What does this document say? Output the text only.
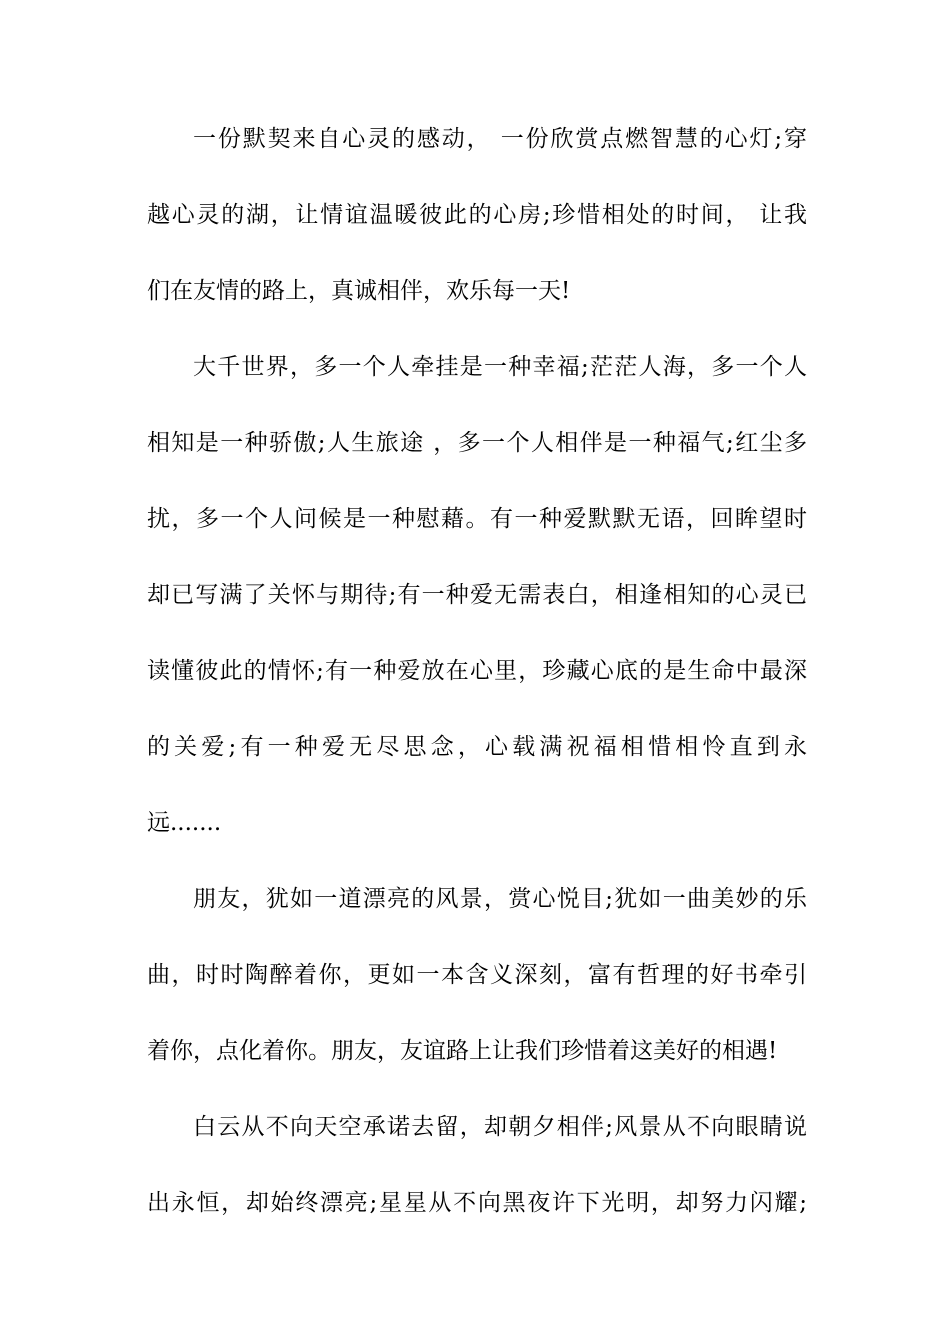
一份默契来自心灵的感动， 一份欣赏点燃智慧的心灯;穿
越心灵的湖，让情谊温暖彼此的心房;珍惜相处的时间， 让我
们在友情的路上，真诚相伴，欢乐每一天!
大千世界，多一个人牵挂是一种幸福;茫茫人海，多一个人
相知是一种骄傲;人生旅途 ，多一个人相伴是一种福气;红尘多
扰，多一个人问候是一种慰藉。有一种爱默默无语，回眸望时
却已写满了关怀与期待;有一种爱无需表白，相逢相知的心灵已
读懂彼此的情怀;有一种爱放在心里，珍藏心底的是生命中最深
的关爱;有一种爱无尽思念，心载满祝福相惜相怜直到永
远.......
朋友，犹如一道漂亮的风景，赏心悦目;犹如一曲美妙的乐
曲，时时陶醉着你，更如一本含义深刻，富有哲理的好书牵引
着你，点化着你。朋友，友谊路上让我们珍惜着这美好的相遇!
白云从不向天空承诺去留，却朝夕相伴;风景从不向眼睛说
出永恒，却始终漂亮;星星从不向黑夜许下光明，却努力闪耀;
